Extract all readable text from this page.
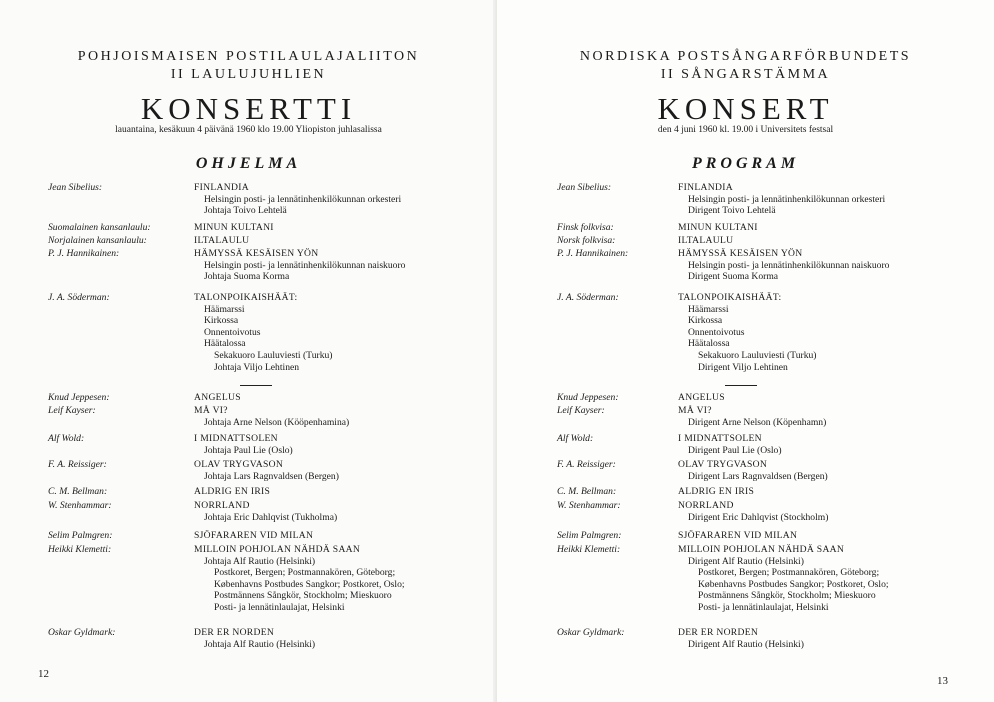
POHJOISMAISEN POSTILAULAJALIITON
II LAULUJUHLIEN
KONSERTTI
lauantaina, kesäkuun 4 päivänä 1960 klo 19.00 Yliopiston juhlasalissa
OHJELMA
Jean Sibelius:	FINLANDIA
Helsingin posti- ja lennätinhenkilökunnan orkesteri
Johtaja Toivo Lehtelä
Suomalainen kansanlaulu:	MINUN KULTANI
Norjalainen kansanlaulu:	ILTALAULU
P. J. Hannikainen:	HÄMYSSÄ KESÄISEN YÖN
Helsingin posti- ja lennätinhenkilökunnan naiskuoro
Johtaja Suoma Korma
J. A. Söderman:	TALONPOIKAISHÄÄT:
Häämarssi
Kirkossa
Onnentoivotus
Häätalossa
Sekakuoro Lauluviesti (Turku)
Johtaja Viljo Lehtinen
Knud Jeppesen:	ANGELUS
Leif Kayser:	MÅ VI?
Johtaja Arne Nelson (Kööpenhamina)
Alf Wold:	I MIDNATTSOLEN
Johtaja Paul Lie (Oslo)
F. A. Reissiger:	OLAV TRYGVASON
Johtaja Lars Ragnvaldsen (Bergen)
C. M. Bellman:	ALDRIG EN IRIS
W. Stenhammar:	NORRLAND
Johtaja Eric Dahlqvist (Tukholma)
Selim Palmgren:	SJÖFARAREN VID MILAN
Heikki Klemetti:	MILLOIN POHJOLAN NÄHDÄ SAAN
Johtaja Alf Rautio (Helsinki)
Postkoret, Bergen; Postmannakören, Göteborg;
Københavns Postbudes Sangkor; Postkoret, Oslo;
Postmännens Sångkör, Stockholm; Mieskuoro
Posti- ja lennätinlaulajat, Helsinki
Oskar Gyldmark:	DER ER NORDEN
Johtaja Alf Rautio (Helsinki)
12
NORDISKA POSTSÅNGARFÖRBUNDETS
II SÅNGARSTÄMMA
KONSERT
den 4 juni 1960 kl. 19.00 i Universitets festsal
PROGRAM
Jean Sibelius:	FINLANDIA
Helsingin posti- ja lennätinhenkilökunnan orkesteri
Dirigent Toivo Lehtelä
Finsk folkvisa:	MINUN KULTANI
Norsk folkvisa:	ILTALAULU
P. J. Hannikainen:	HÄMYSSÄ KESÄISEN YÖN
Helsingin posti- ja lennätinhenkilökunnan naiskuoro
Dirigent Suoma Korma
J. A. Söderman:	TALONPOIKAISHÄÄT:
Häämarssi
Kirkossa
Onnentoivotus
Häätalossa
Sekakuoro Lauluviesti (Turku)
Dirigent Viljo Lehtinen
Knud Jeppesen:	ANGELUS
Leif Kayser:	MÅ VI?
Dirigent Arne Nelson (Köpenhamn)
Alf Wold:	I MIDNATTSOLEN
Dirigent Paul Lie (Oslo)
F. A. Reissiger:	OLAV TRYGVASON
Dirigent Lars Ragnvaldsen (Bergen)
C. M. Bellman:	ALDRIG EN IRIS
W. Stenhammar:	NORRLAND
Dirigent Eric Dahlqvist (Stockholm)
Selim Palmgren:	SJÖFARAREN VID MILAN
Heikki Klemetti:	MILLOIN POHJOLAN NÄHDÄ SAAN
Dirigent Alf Rautio (Helsinki)
Postkoret, Bergen; Postmannakören, Göteborg;
Københavns Postbudes Sangkor; Postkoret, Oslo;
Postmännens Sångkör, Stockholm; Mieskuoro
Posti- ja lennätinlaulajat, Helsinki
Oskar Gyldmark:	DER ER NORDEN
Dirigent Alf Rautio (Helsinki)
13
